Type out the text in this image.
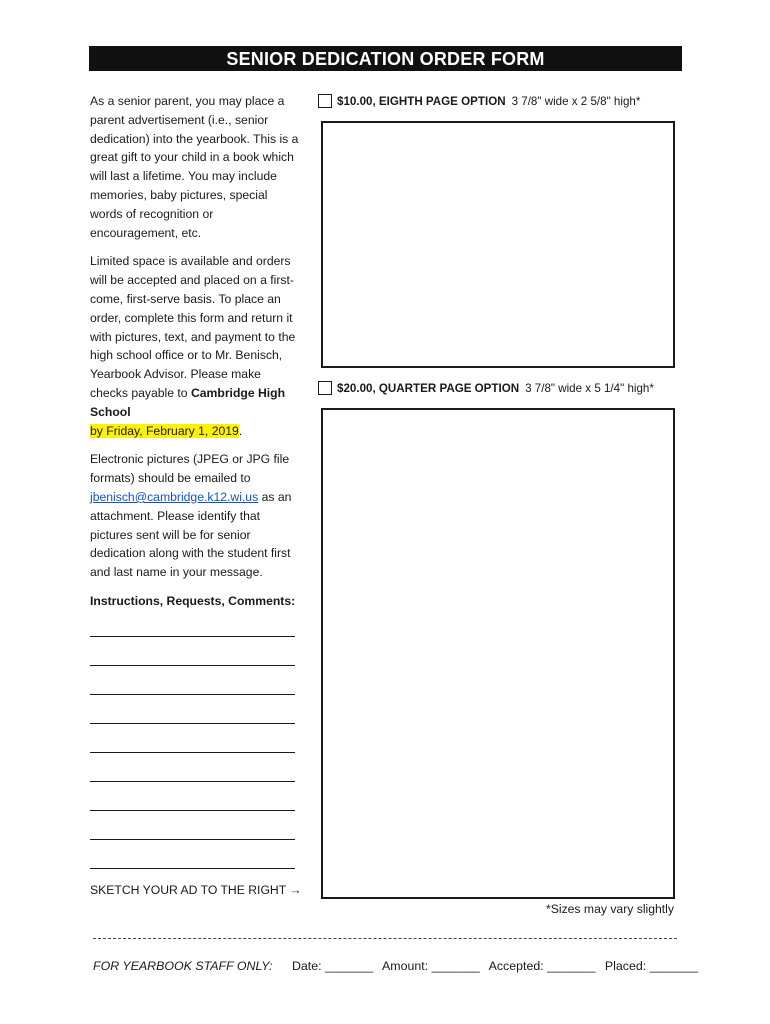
SENIOR DEDICATION ORDER FORM

As a senior parent, you may place a parent advertisement (i.e., senior dedication) into the yearbook. This is a great gift to your child in a book which will last a lifetime. You may include memories, baby pictures, special words of recognition or encouragement, etc.

Limited space is available and orders will be accepted and placed on a first-come, first-serve basis. To place an order, complete this form and return it with pictures, text, and payment to the high school office or to Mr. Benisch, Yearbook Advisor. Please make checks payable to Cambridge High School
by Friday, February 1, 2019.

Electronic pictures (JPEG or JPG file formats) should be emailed to jbenisch@cambridge.k12.wi.us as an attachment. Please identify that pictures sent will be for senior dedication along with the student first and last name in your message.

Instructions, Requests, Comments:

SKETCH YOUR AD TO THE RIGHT →
$10.00, EIGHTH PAGE OPTION 3 7/8" wide x 2 5/8" high*
$20.00, QUARTER PAGE OPTION 3 7/8" wide x 5 1/4" high*
*Sizes may vary slightly
FOR YEARBOOK STAFF ONLY: Date: _______ Amount: _______ Accepted: _______ Placed: _______
